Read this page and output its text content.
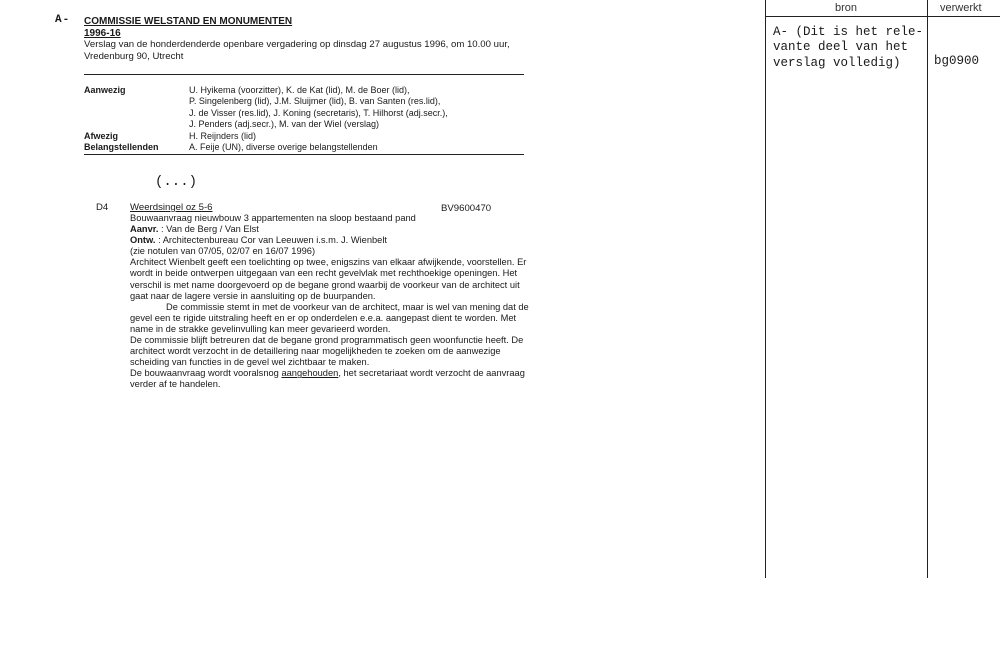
A- COMMISSIE WELSTAND EN MONUMENTEN
1996-16
Verslag van de honderdenderde openbare vergadering op dinsdag 27 augustus 1996, om 10.00 uur, Vredenburg 90, Utrecht
Aanwezig	U. Hyikema (voorzitter), K. de Kat (lid), M. de Boer (lid),
P. Singelenberg (lid), J.M. Sluijmer (lid), B. van Santen (res.lid),
J. de Visser (res.lid), J. Koning (secretaris), T. Hilhorst (adj.secr.),
J. Penders (adj.secr.), M. van der Wiel (verslag)
Afwezig	H. Reijnders (lid)
Belangstellenden	A. Feije (UN), diverse overige belangstellenden
(...)
D4 Weerdsingel oz 5-6	BV9600470

Bouwaanvraag nieuwbouw 3 appartementen na sloop bestaand pand

Aanvr. : Van de Berg / Van Elst

Ontw. : Architectenbureau Cor van Leeuwen i.s.m. J. Wienbelt

(zie notulen van 07/05, 02/07 en 16/07 1996)

Architect Wienbelt geeft een toelichting op twee, enigszins van elkaar afwijkende, voorstellen. Er wordt in beide ontwerpen uitgegaan van een recht gevelvlak met rechthoekige openingen. Het verschil is met name doorgevoerd op de begane grond waarbij de voorkeur van de architect uit gaat naar de lagere versie in aansluiting op de buurpanden.

De commissie stemt in met de voorkeur van de architect, maar is wel van mening dat de gevel een te rigide uitstraling heeft en er op onderdelen e.e.a. aangepast dient te worden. Met name in de strakke gevelinvulling kan meer gevarieerd worden.

De commissie blijft betreuren dat de begane grond programmatisch geen woonfunctie heeft. De architect wordt verzocht in de detaillering naar mogelijkheden te zoeken om de aanwezige scheiding van functies in de gevel wel zichtbaar te maken.

De bouwaanvraag wordt vooralsnog aangehouden, het secretariaat wordt verzocht de aanvraag verder af te handelen.

bron	verwerkt
A- (Dit is het rele-
vante deel van het
verslag volledig)	bg0900
